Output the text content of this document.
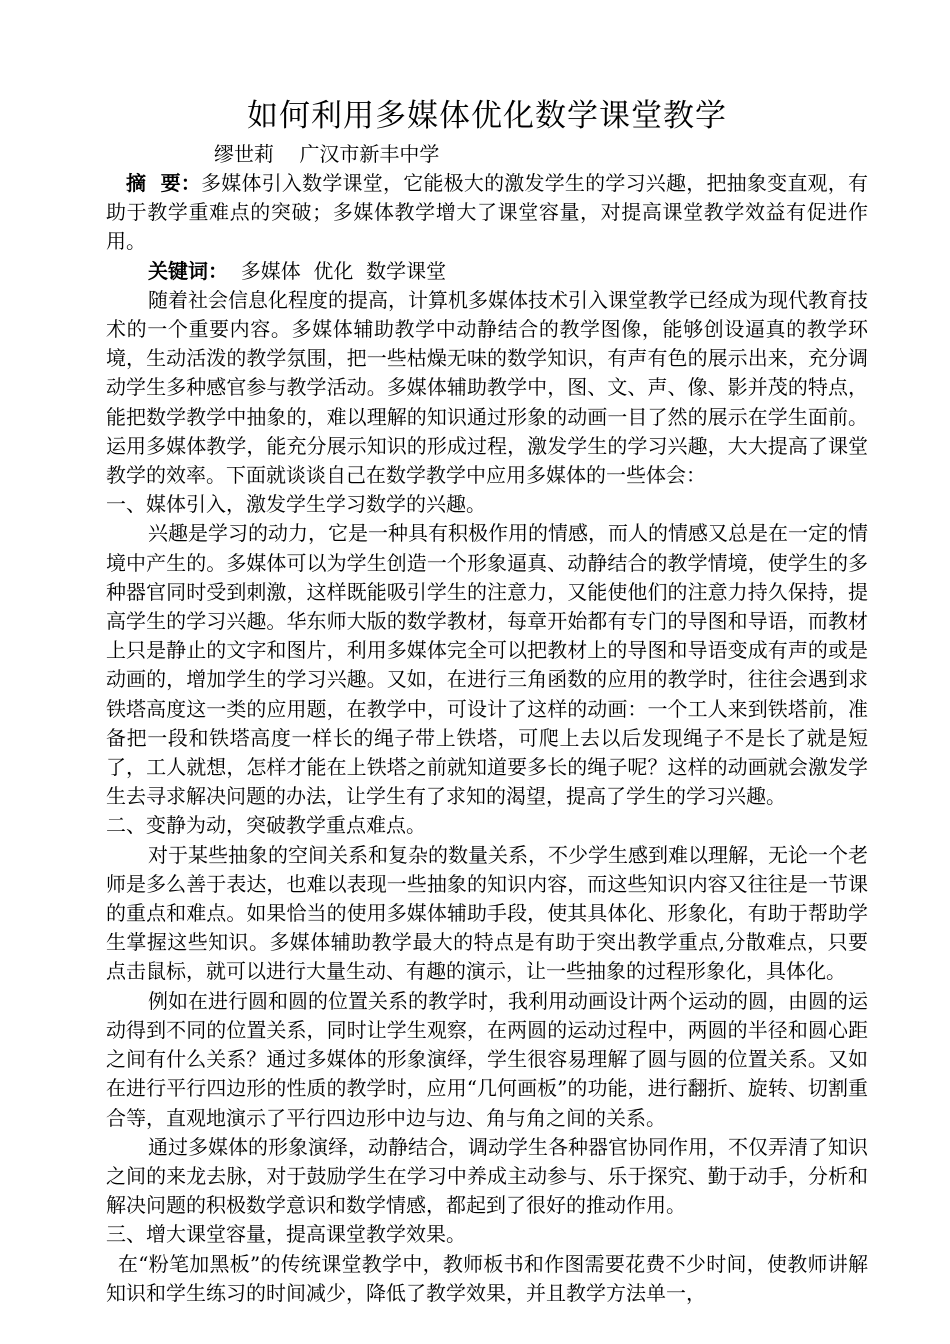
如何利用多媒体优化数学课堂教学

缪世莉 广汉市新丰中学

摘  要：多媒体引入数学课堂，它能极大的激发学生的学习兴趣，把抽象变直观，有助于教学重难点的突破；多媒体教学增大了课堂容量，对提高课堂教学效益有促进作用。

关键词： 多媒体  优化  数学课堂

随着社会信息化程度的提高，计算机多媒体技术引入课堂教学已经成为现代教育技术的一个重要内容。多媒体辅助教学中动静结合的教学图像，能够创设逼真的教学环境，生动活泼的教学氛围，把一些枯燥无味的数学知识，有声有色的展示出来，充分调动学生多种感官参与教学活动。多媒体辅助教学中，图、文、声、像、影并茂的特点，能把数学教学中抽象的，难以理解的知识通过形象的动画一目了然的展示在学生面前。运用多媒体教学，能充分展示知识的形成过程，激发学生的学习兴趣，大大提高了课堂教学的效率。下面就谈谈自己在数学教学中应用多媒体的一些体会：

一、媒体引入，激发学生学习数学的兴趣。

兴趣是学习的动力，它是一种具有积极作用的情感，而人的情感又总是在一定的情境中产生的。多媒体可以为学生创造一个形象逼真、动静结合的教学情境，使学生的多种器官同时受到刺激，这样既能吸引学生的注意力，又能使他们的注意力持久保持，提高学生的学习兴趣。华东师大版的数学教材，每章开始都有专门的导图和导语，而教材上只是静止的文字和图片，利用多媒体完全可以把教材上的导图和导语变成有声的或是动画的，增加学生的学习兴趣。又如，在进行三角函数的应用的教学时，往往会遇到求铁塔高度这一类的应用题，在教学中，可设计了这样的动画：一个工人来到铁塔前，准备把一段和铁塔高度一样长的绳子带上铁塔，可爬上去以后发现绳子不是长了就是短了，工人就想，怎样才能在上铁塔之前就知道要多长的绳子呢？这样的动画就会激发学生去寻求解决问题的办法，让学生有了求知的渴望，提高了学生的学习兴趣。

二、变静为动，突破教学重点难点。

对于某些抽象的空间关系和复杂的数量关系，不少学生感到难以理解，无论一个老师是多么善于表达，也难以表现一些抽象的知识内容，而这些知识内容又往往是一节课的重点和难点。如果恰当的使用多媒体辅助手段，使其具体化、形象化，有助于帮助学生掌握这些知识。多媒体辅助教学最大的特点是有助于突出教学重点,分散难点，只要点击鼠标，就可以进行大量生动、有趣的演示，让一些抽象的过程形象化，具体化。

例如在进行圆和圆的位置关系的教学时，我利用动画设计两个运动的圆，由圆的运动得到不同的位置关系，同时让学生观察，在两圆的运动过程中，两圆的半径和圆心距之间有什么关系？通过多媒体的形象演绎，学生很容易理解了圆与圆的位置关系。又如在进行平行四边形的性质的教学时，应用“几何画板”的功能，进行翻折、旋转、切割重合等，直观地演示了平行四边形中边与边、角与角之间的关系。

通过多媒体的形象演绎，动静结合，调动学生各种器官协同作用，不仅弄清了知识之间的来龙去脉，对于鼓励学生在学习中养成主动参与、乐于探究、勤于动手，分析和解决问题的积极数学意识和数学情感，都起到了很好的推动作用。

三、增大课堂容量，提高课堂教学效果。

在“粉笔加黑板”的传统课堂教学中，教师板书和作图需要花费不少时间，使教师讲解知识和学生练习的时间减少，降低了教学效果，并且教学方法单一，
